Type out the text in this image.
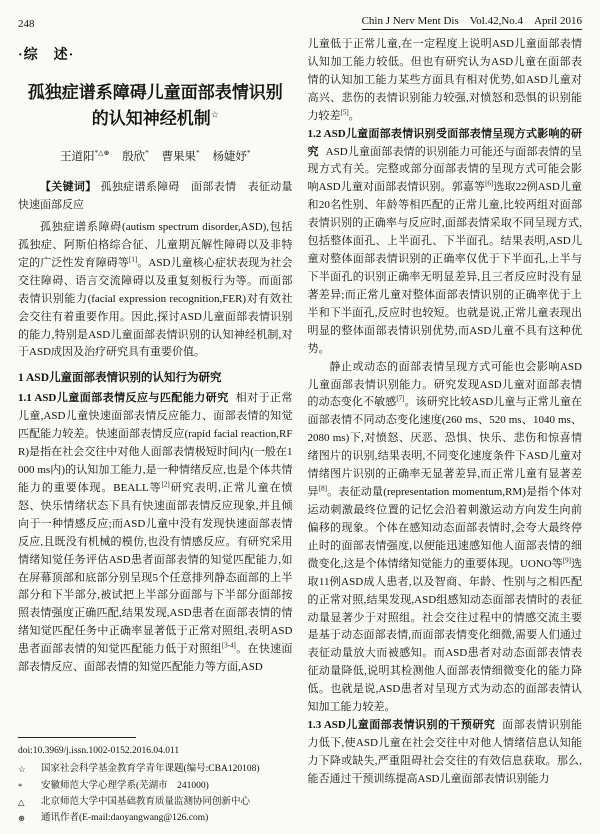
248	Chin J Nerv Ment Dis　Vol.42,No.4　April 2016
·综　述·
孤独症谱系障碍儿童面部表情识别
的认知神经机制☆
王道阳*△⊛ 殷欣* 曹果果* 杨婕妤*

【关键词】 孤独症谱系障碍　面部表情　表征动量　快速面部反应

孤独症谱系障碍(autism spectrum disorder,ASD),包括孤独症、阿斯伯格综合征、儿童期瓦解性障碍以及非特定的广泛性发育障碍等[1]。ASD儿童核心症状表现为社会交往障碍、语言交流障碍以及重复刻板行为等。而面部表情识别能力(facial expression recognition,FER)对有效社会交往有着重要作用。因此,探讨ASD儿童面部表情识别的能力,特别是ASD儿童面部表情识别的认知神经机制,对于ASD成因及治疗研究具有重要价值。

1 ASD儿童面部表情识别的认知行为研究

1.1 ASD儿童面部表情反应与匹配能力研究 相对于正常儿童,ASD儿童快速面部表情反应能力、面部表情的知觉匹配能力较差。快速面部表情反应(rapid facial reaction,RFR)是指在社会交往中对他人面部表情极短时间内(一般在1000 ms内)的认知加工能力,是一种情绪反应,也是个体共情能力的重要体现。BEALL等[2]研究表明,正常儿童在愤怒、快乐情绪状态下具有快速面部表情反应现象,并且倾向于一种情感反应;而ASD儿童中没有发现快速面部表情反应,且既没有机械的模仿,也没有情感反应。有研究采用情绪知觉任务评估ASD患者面部表情的知觉匹配能力,如在屏幕顶部和底部分别呈现5个任意排列静态面部的上半部分和下半部分,被试把上半部分面部与下半部分面部按照表情强度正确匹配,结果发现,ASD患者在面部表情的情绪知觉匹配任务中正确率显著低于正常对照组,表明ASD患者面部表情的知觉匹配能力低于对照组[3-4]。在快速面部表情反应、面部表情的知觉匹配能力等方面,ASD

doi:10.3969/j.issn.1002-0152.2016.04.011
☆	国家社会科学基金教育学青年课题(编号:CBA120108)
*	安徽师范大学心理学系(芜湖市　241000)
△	北京师范大学中国基础教育质量监测协同创新中心
⊛	通讯作者(E-mail:daoyangwang@126.com)

儿童低于正常儿童,在一定程度上说明ASD儿童面部表情认知加工能力较低。但也有研究认为ASD儿童在面部表情的认知加工能力某些方面具有相对优势,如ASD儿童对高兴、悲伤的表情识别能力较强,对愤怒和恐惧的识别能力较差[5]。

1.2 ASD儿童面部表情识别受面部表情呈现方式影响的研究 ASD儿童面部表情的识别能力可能还与面部表情的呈现方式有关。完整或部分面部表情的呈现方式可能会影响ASD儿童对面部表情识别。郭嘉等[6]选取22例ASD儿童和20名性别、年龄等相匹配的正常儿童,比较两组对面部表情识别的正确率与反应时,面部表情采取不同呈现方式,包括整体面孔、上半面孔、下半面孔。结果表明,ASD儿童对整体面部表情识别的正确率仅优于下半面孔,上半与下半面孔的识别正确率无明显差异,且三者反应时没有显著差异;而正常儿童对整体面部表情识别的正确率优于上半和下半面孔,反应时也较短。也就是说,正常儿童表现出明显的整体面部表情识别优势,而ASD儿童不具有这种优势。

静止或动态的面部表情呈现方式可能也会影响ASD儿童面部表情识别能力。研究发现ASD儿童对面部表情的动态变化不敏感[7]。该研究比较ASD儿童与正常儿童在面部表情不同动态变化速度(260 ms、520 ms、1040 ms、2080 ms)下,对愤怒、厌恶、恐惧、快乐、悲伤和惊喜情绪图片的识别,结果表明,不同变化速度条件下ASD儿童对情绪图片识别的正确率无显著差异,而正常儿童有显著差异[8]。表征动量(representation momentum,RM)是指个体对运动刺激最终位置的记忆会沿着刺激运动方向发生向前偏移的现象。个体在感知动态面部表情时,会夸大最终停止时的面部表情强度,以便能迅速感知他人面部表情的细微变化,这是个体情绪知觉能力的重要体现。UONO等[9]选取11例ASD成人患者,以及智商、年龄、性别与之相匹配的正常对照,结果发现,ASD组感知动态面部表情时的表征动量显著少于对照组。社会交往过程中的情感交流主要是基于动态面部表情,而面部表情变化细微,需要人们通过表征动量放大而被感知。而ASD患者对动态面部表情表征动量降低,说明其检测他人面部表情细微变化的能力降低。也就是说,ASD患者对呈现方式为动态的面部表情认知加工能力较差。

1.3 ASD儿童面部表情识别的干预研究 面部表情识别能力低下,使ASD儿童在社会交往中对他人情绪信息认知能力下降或缺失,严重阻碍社会交往的有效信息获取。那么,能否通过干预训练提高ASD儿童面部表情识别能力
